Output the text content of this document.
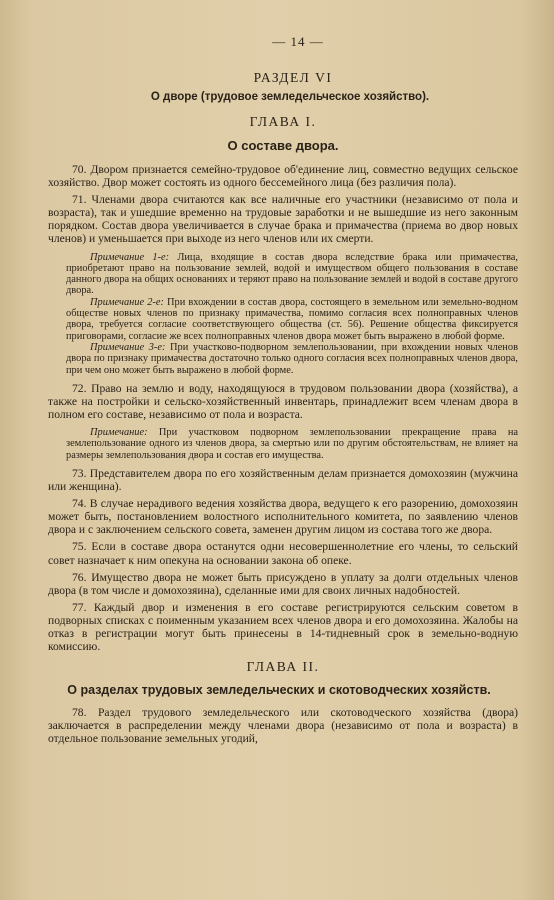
— 14 —
РАЗДЕЛ VI
О дворе (трудовое земледельческое хозяйство).
ГЛАВА I.
О составе двора.

70. Двором признается семейно-трудовое об'единение лиц, совместно ведущих сельское хозяйство. Двор может состоять из одного бессемейного лица (без различия пола).

71. Членами двора считаются как все наличные его участники (независимо от пола и возраста), так и ушедшие временно на трудовые заработки и не вышедшие из него законным порядком. Состав двора увеличивается в случае брака и примачества (приема во двор новых членов) и уменьшается при выходе из него членов или их смерти.

Примечание 1-е: Лица, входящие в состав двора вследствие брака или примачества, приобретают право на пользование землей, водой и имуществом общего пользования в составе данного двора на общих основаниях и теряют право на пользование землей и водой в составе другого двора.

Примечание 2-е: При вхождении в состав двора, состоящего в земельном или земельно-водном обществе новых членов по признаку примачества, помимо согласия всех полноправных членов двора, требуется согласие соответствующего общества (ст. 56). Решение общества фиксируется приговорами, согласие же всех полноправных членов двора может быть выражено в любой форме.

Примечание 3-е: При участково-подворном землепользовании, при вхождении новых членов двора по признаку примачества достаточно только одного согласия всех полноправных членов двора, при чем оно может быть выражено в любой форме.

72. Право на землю и воду, находящуюся в трудовом пользовании двора (хозяйства), а также на постройки и сельско-хозяйственный инвентарь, принадлежит всем членам двора в полном его составе, независимо от пола и возраста.

Примечание: При участковом подворном землепользовании прекращение права на землепользование одного из членов двора, за смертью или по другим обстоятельствам, не влияет на размеры землепользования двора и состав его имущества.

73. Представителем двора по его хозяйственным делам признается домохозяин (мужчина или женщина).

74. В случае нерадивого ведения хозяйства двора, ведущего к его разорению, домохозяин может быть, постановлением волостного исполнительного комитета, по заявлению членов двора и с заключением сельского совета, заменен другим лицом из состава того же двора.

75. Если в составе двора останутся одни несовершеннолетние его члены, то сельский совет назначает к ним опекуна на основании закона об опеке.

76. Имущество двора не может быть присуждено в уплату за долги отдельных членов двора (в том числе и домохозяина), сделанные ими для своих личных надобностей.

77. Каждый двор и изменения в его составе регистрируются сельским советом в подворных списках с поименным указанием всех членов двора и его домохозяина. Жалобы на отказ в регистрации могут быть принесены в 14-тидневный срок в земельно-водную комиссию.

ГЛАВА II.
О разделах трудовых земледельческих и скотоводческих хозяйств.

78. Раздел трудового земледельческого или скотоводческого хозяйства (двора) заключается в распределении между членами двора (независимо от пола и возраста) в отдельное пользование земельных угодий,
